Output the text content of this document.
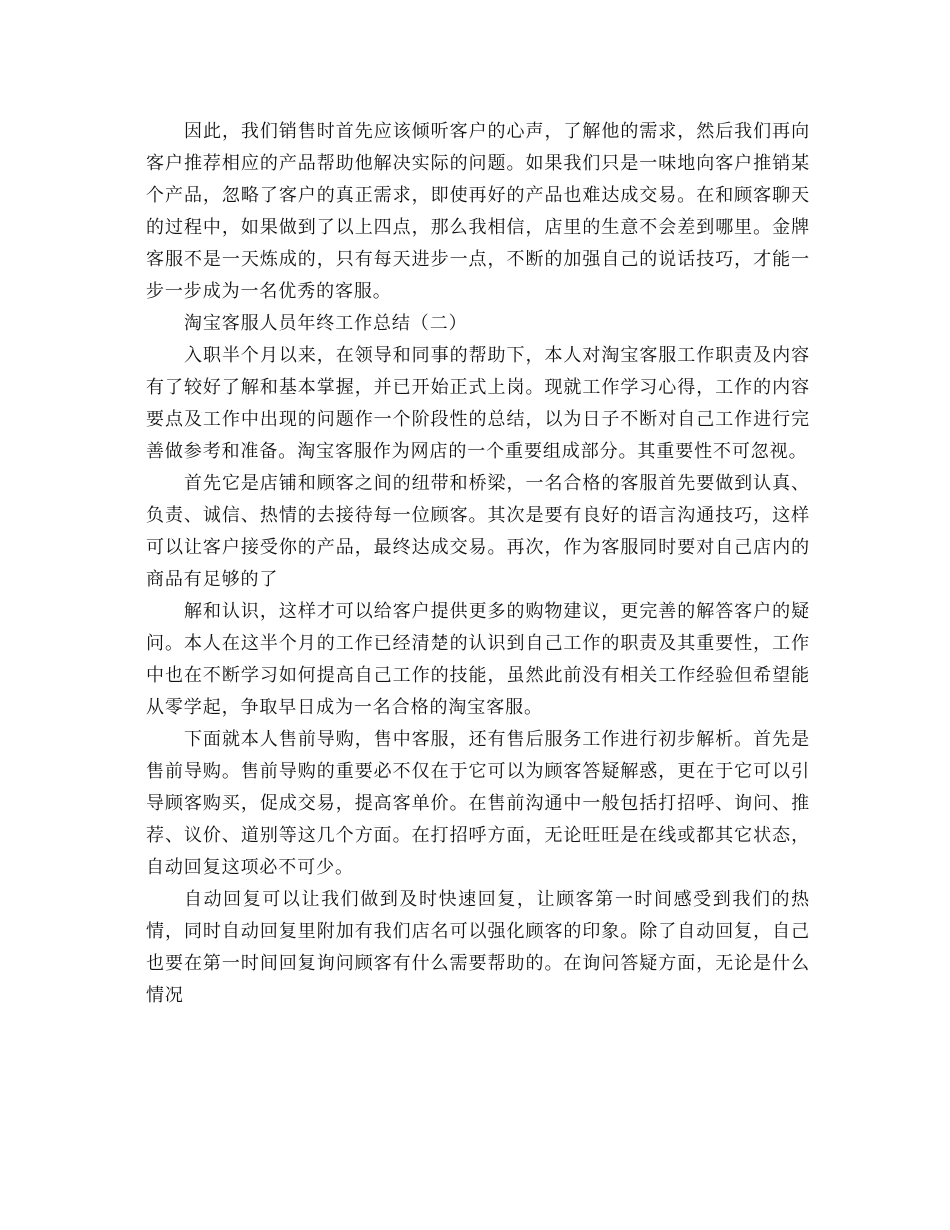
因此，我们销售时首先应该倾听客户的心声，了解他的需求，然后我们再向客户推荐相应的产品帮助他解决实际的问题。如果我们只是一味地向客户推销某个产品，忽略了客户的真正需求，即使再好的产品也难达成交易。在和顾客聊天的过程中，如果做到了以上四点，那么我相信，店里的生意不会差到哪里。金牌客服不是一天炼成的，只有每天进步一点，不断的加强自己的说话技巧，才能一步一步成为一名优秀的客服。

淘宝客服人员年终工作总结（二）

入职半个月以来，在领导和同事的帮助下，本人对淘宝客服工作职责及内容有了较好了解和基本掌握，并已开始正式上岗。现就工作学习心得，工作的内容要点及工作中出现的问题作一个阶段性的总结，以为日子不断对自己工作进行完善做参考和准备。淘宝客服作为网店的一个重要组成部分。其重要性不可忽视。

首先它是店铺和顾客之间的纽带和桥梁，一名合格的客服首先要做到认真、负责、诚信、热情的去接待每一位顾客。其次是要有良好的语言沟通技巧，这样可以让客户接受你的产品，最终达成交易。再次，作为客服同时要对自己店内的商品有足够的了

解和认识，这样才可以给客户提供更多的购物建议，更完善的解答客户的疑问。本人在这半个月的工作已经清楚的认识到自己工作的职责及其重要性，工作中也在不断学习如何提高自己工作的技能，虽然此前没有相关工作经验但希望能从零学起，争取早日成为一名合格的淘宝客服。

下面就本人售前导购，售中客服，还有售后服务工作进行初步解析。首先是售前导购。售前导购的重要必不仅在于它可以为顾客答疑解惑，更在于它可以引导顾客购买，促成交易，提高客单价。在售前沟通中一般包括打招呼、询问、推荐、议价、道别等这几个方面。在打招呼方面，无论旺旺是在线或都其它状态，自动回复这项必不可少。

自动回复可以让我们做到及时快速回复，让顾客第一时间感受到我们的热情，同时自动回复里附加有我们店名可以强化顾客的印象。除了自动回复，自己也要在第一时间回复询问顾客有什么需要帮助的。在询问答疑方面，无论是什么情况
